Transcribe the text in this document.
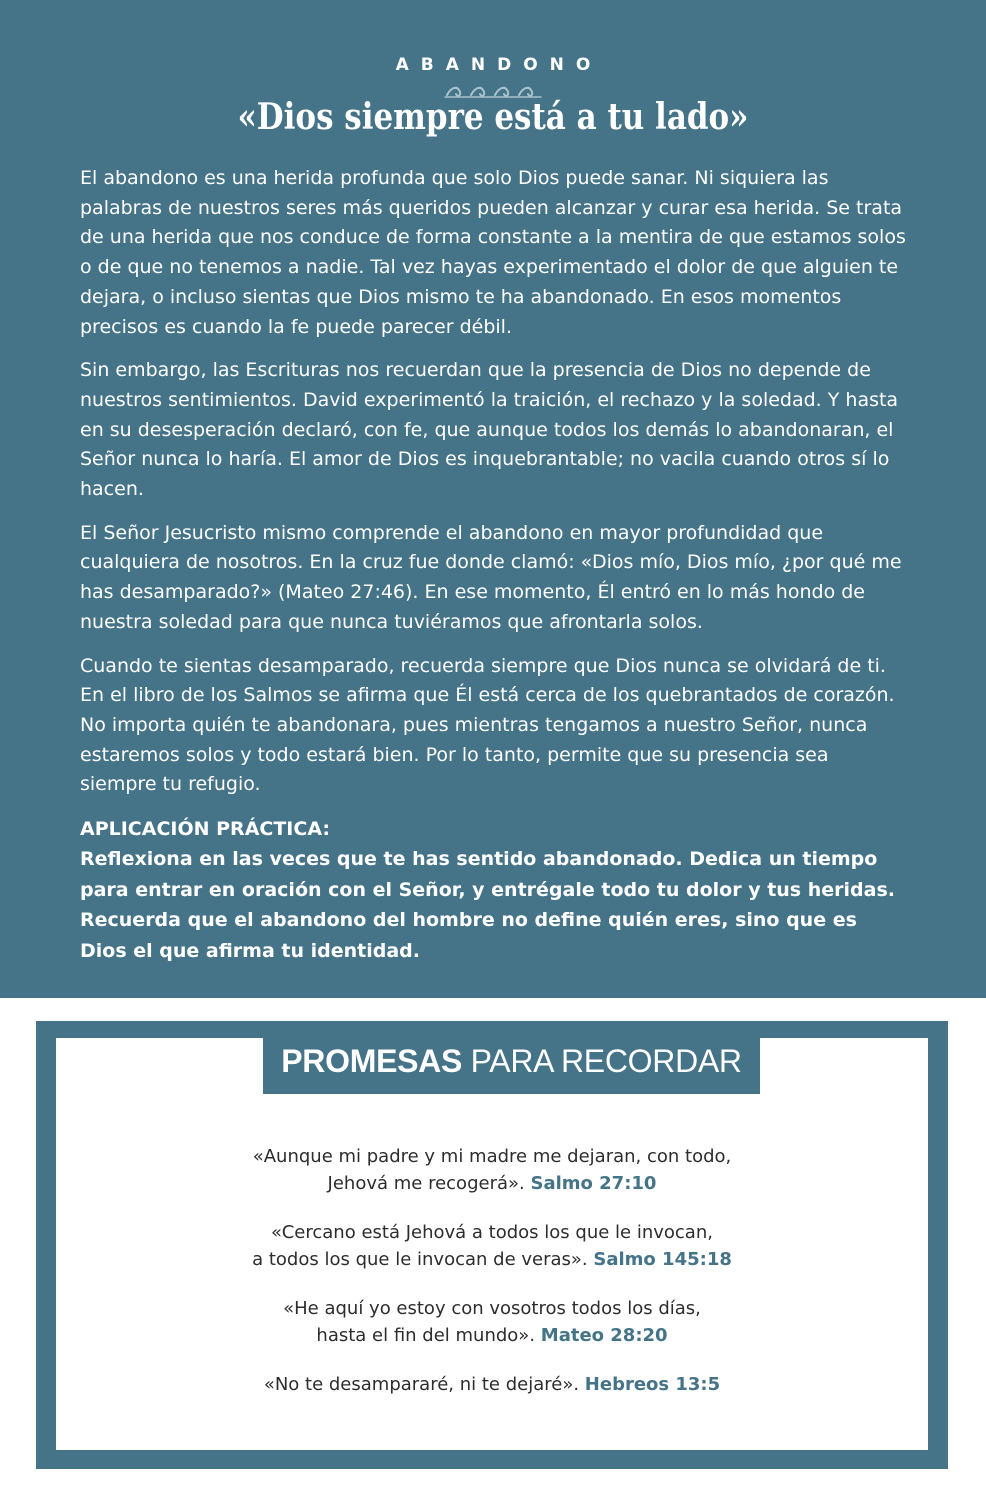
ABANDONO
«Dios siempre está a tu lado»

El abandono es una herida profunda que solo Dios puede sanar. Ni siquiera las palabras de nuestros seres más queridos pueden alcanzar y curar esa herida. Se trata de una herida que nos conduce de forma constante a la mentira de que estamos solos o de que no tenemos a nadie. Tal vez hayas experimentado el dolor de que alguien te dejara, o incluso sientas que Dios mismo te ha abandonado. En esos momentos precisos es cuando la fe puede parecer débil.

Sin embargo, las Escrituras nos recuerdan que la presencia de Dios no depende de nuestros sentimientos. David experimentó la traición, el rechazo y la soledad. Y hasta en su desesperación declaró, con fe, que aunque todos los demás lo abandonaran, el Señor nunca lo haría. El amor de Dios es inquebrantable; no vacila cuando otros sí lo hacen.

El Señor Jesucristo mismo comprende el abandono en mayor profundidad que cualquiera de nosotros. En la cruz fue donde clamó: «Dios mío, Dios mío, ¿por qué me has desamparado?» (Mateo 27:46). En ese momento, Él entró en lo más hondo de nuestra soledad para que nunca tuviéramos que afrontarla solos.

Cuando te sientas desamparado, recuerda siempre que Dios nunca se olvidará de ti. En el libro de los Salmos se afirma que Él está cerca de los quebrantados de corazón. No importa quién te abandonara, pues mientras tengamos a nuestro Señor, nunca estaremos solos y todo estará bien. Por lo tanto, permite que su presencia sea siempre tu refugio.

APLICACIÓN PRÁCTICA:
Reflexiona en las veces que te has sentido abandonado. Dedica un tiempo para entrar en oración con el Señor, y entrégale todo tu dolor y tus heridas. Recuerda que el abandono del hombre no define quién eres, sino que es Dios el que afirma tu identidad.
PROMESAS PARA RECORDAR
«Aunque mi padre y mi madre me dejaran, con todo,
Jehová me recogerá». Salmo 27:10
«Cercano está Jehová a todos los que le invocan,
a todos los que le invocan de veras». Salmo 145:18
«He aquí yo estoy con vosotros todos los días,
hasta el fin del mundo». Mateo 28:20
«No te desampararé, ni te dejaré». Hebreos 13:5
